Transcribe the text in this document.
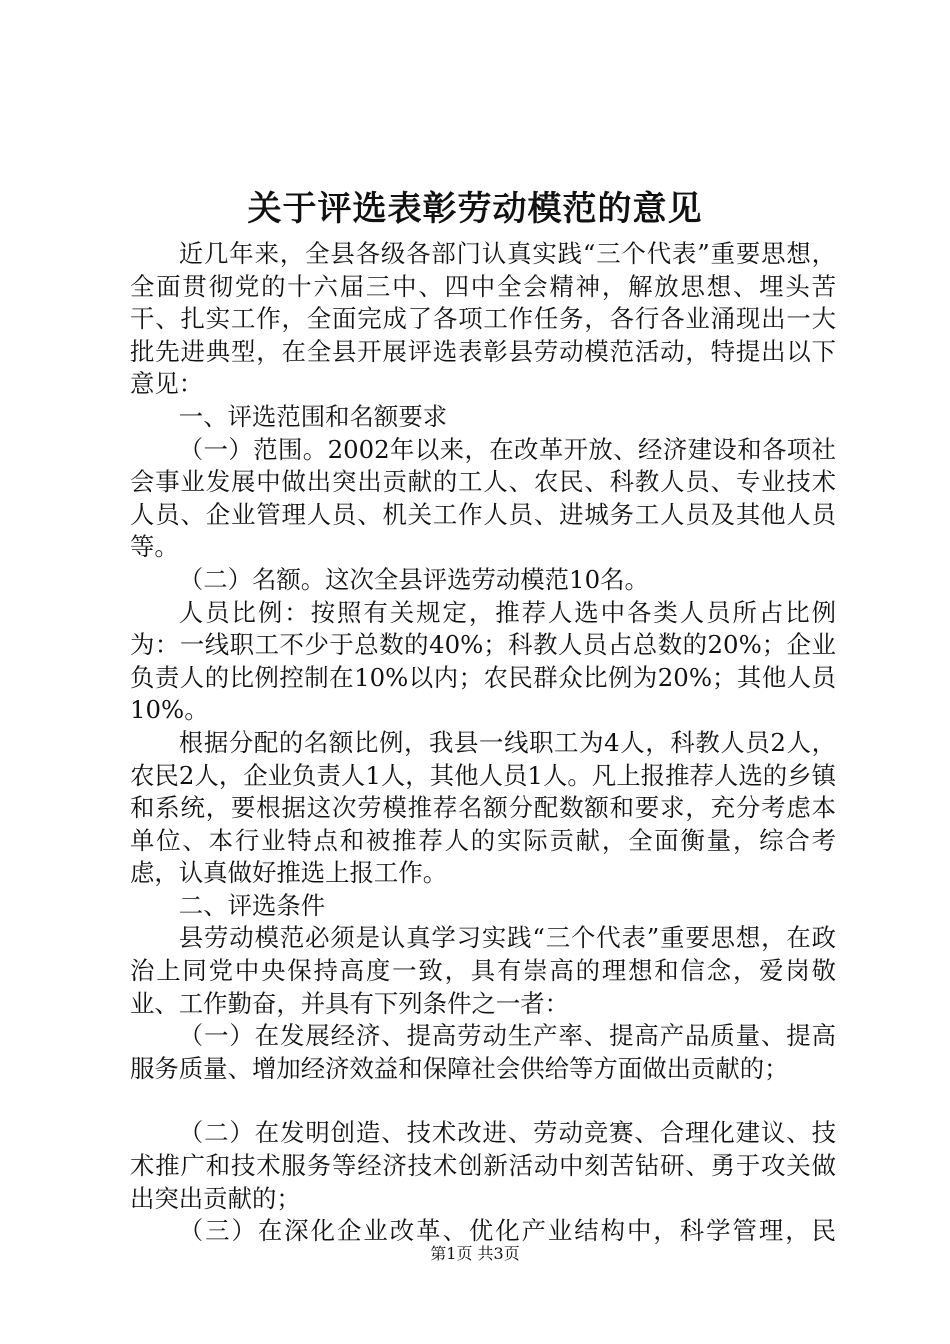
关于评选表彰劳动模范的意见

近几年来，全县各级各部门认真实践“三个代表”重要思想，全面贯彻党的十六届三中、四中全会精神，解放思想、埋头苦干、扎实工作，全面完成了各项工作任务，各行各业涌现出一大批先进典型，在全县开展评选表彰县劳动模范活动，特提出以下意见：

一、评选范围和名额要求

（一）范围。2002年以来，在改革开放、经济建设和各项社会事业发展中做出突出贡献的工人、农民、科教人员、专业技术人员、企业管理人员、机关工作人员、进城务工人员及其他人员等。

（二）名额。这次全县评选劳动模范10名。

人员比例：按照有关规定，推荐人选中各类人员所占比例为：一线职工不少于总数的40%；科教人员占总数的20%；企业负责人的比例控制在10%以内；农民群众比例为20%；其他人员10%。

根据分配的名额比例，我县一线职工为4人，科教人员2人，农民2人，企业负责人1人，其他人员1人。凡上报推荐人选的乡镇和系统，要根据这次劳模推荐名额分配数额和要求，充分考虑本单位、本行业特点和被推荐人的实际贡献，全面衡量，综合考虑，认真做好推选上报工作。

二、评选条件

县劳动模范必须是认真学习实践“三个代表”重要思想，在政治上同党中央保持高度一致，具有崇高的理想和信念，爱岗敬业、工作勤奋，并具有下列条件之一者：

（一）在发展经济、提高劳动生产率、提高产品质量、提高服务质量、增加经济效益和保障社会供给等方面做出贡献的；

（二）在发明创造、技术改进、劳动竞赛、合理化建议、技术推广和技术服务等经济技术创新活动中刻苦钻研、勇于攻关做出突出贡献的；

（三）在深化企业改革、优化产业结构中，科学管理，民

第1页 共3页
